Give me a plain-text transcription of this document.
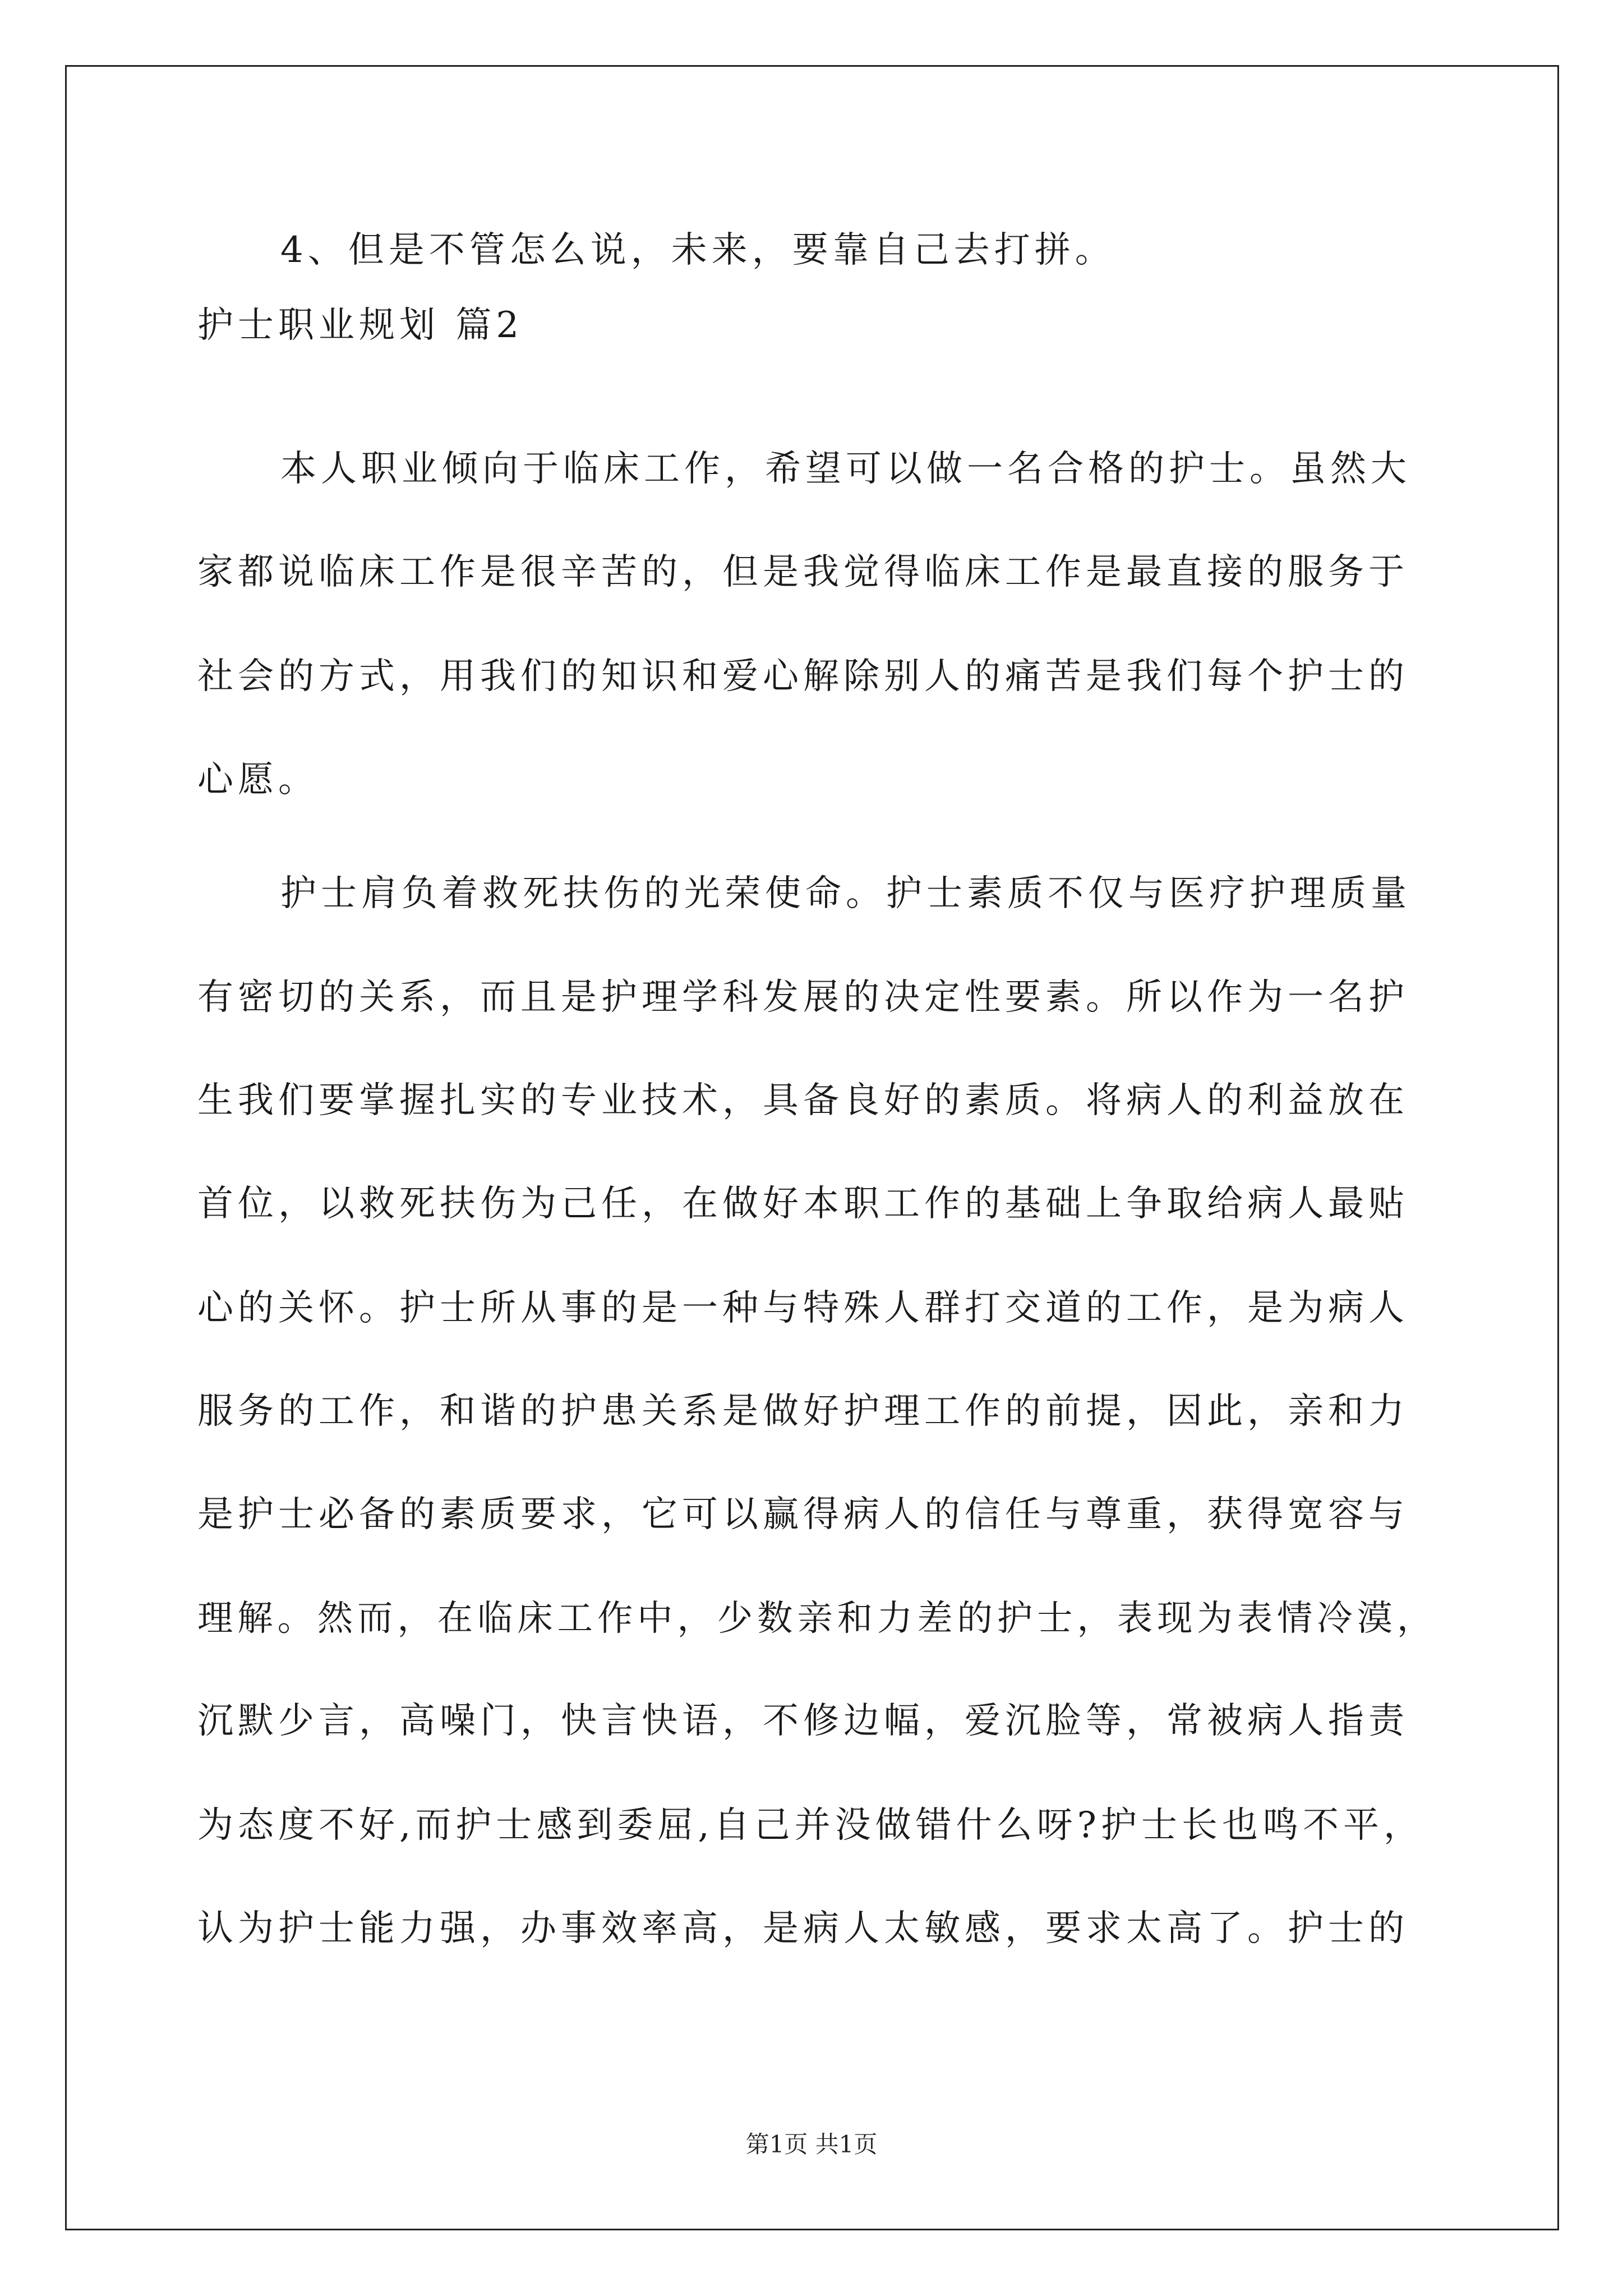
4、但是不管怎么说，未来，要靠自己去打拼。
护士职业规划 篇2
本人职业倾向于临床工作，希望可以做一名合格的护士。虽然大
家都说临床工作是很辛苦的，但是我觉得临床工作是最直接的服务于
社会的方式，用我们的知识和爱心解除别人的痛苦是我们每个护士的
心愿。
护士肩负着救死扶伤的光荣使命。护士素质不仅与医疗护理质量
有密切的关系，而且是护理学科发展的决定性要素。所以作为一名护
生我们要掌握扎实的专业技术，具备良好的素质。将病人的利益放在
首位，以救死扶伤为己任，在做好本职工作的基础上争取给病人最贴
心的关怀。护士所从事的是一种与特殊人群打交道的工作，是为病人
服务的工作，和谐的护患关系是做好护理工作的前提，因此，亲和力
是护士必备的素质要求，它可以赢得病人的信任与尊重，获得宽容与
理解。然而，在临床工作中，少数亲和力差的护士，表现为表情冷漠，
沉默少言，高噪门，快言快语，不修边幅，爱沉脸等，常被病人指责
为态度不好,而护士感到委屈,自己并没做错什么呀?护士长也鸣不平，
认为护士能力强，办事效率高，是病人太敏感，要求太高了。护士的
第1页 共1页
